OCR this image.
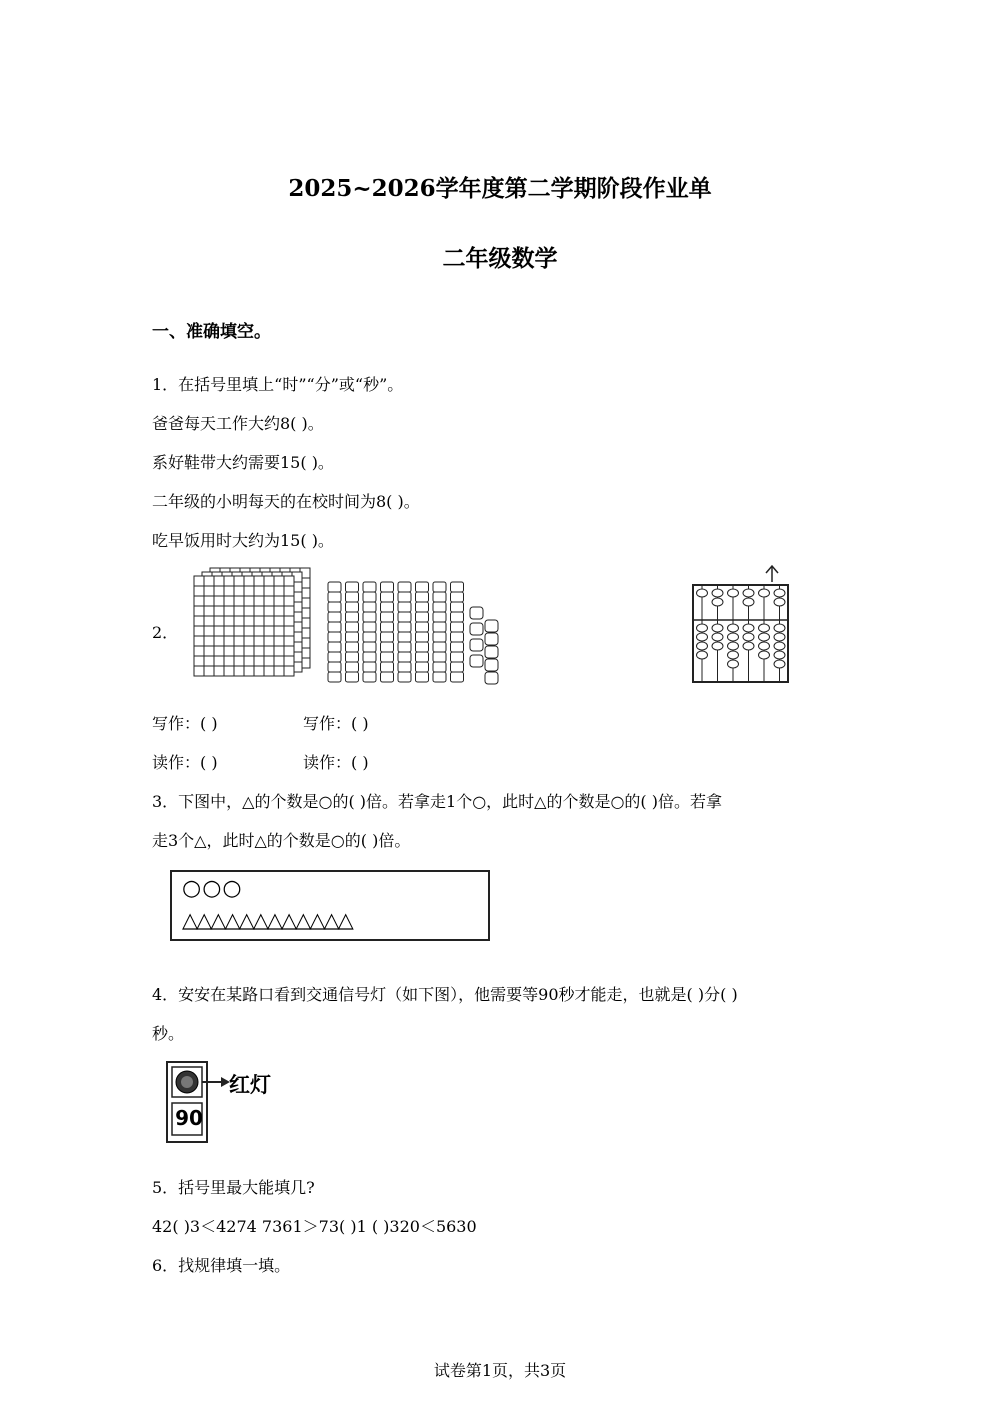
2025~2026学年度第二学期阶段作业单
二年级数学
一、准确填空。
1．在括号里填上“时”“分”或“秒”。
爸爸每天工作大约8( )。
系好鞋带大约需要15( )。
二年级的小明每天的在校时间为8( )。
吃早饭用时大约为15( )。
2．
写作：( )	写作：( )
读作：( )	读作：( )
3．下图中，△的个数是○的( )倍。若拿走1个○，此时△的个数是○的( )倍。若拿
走3个△，此时△的个数是○的( )倍。
○○○
△△△△△△△△△△△△
4．安安在某路口看到交通信号灯（如下图），他需要等90秒才能走，也就是( )分( )
秒。
红灯
90
5．括号里最大能填几?
42( )3＜4274 7361＞73( )1 ( )320＜5630
6．找规律填一填。
试卷第1页，共3页
